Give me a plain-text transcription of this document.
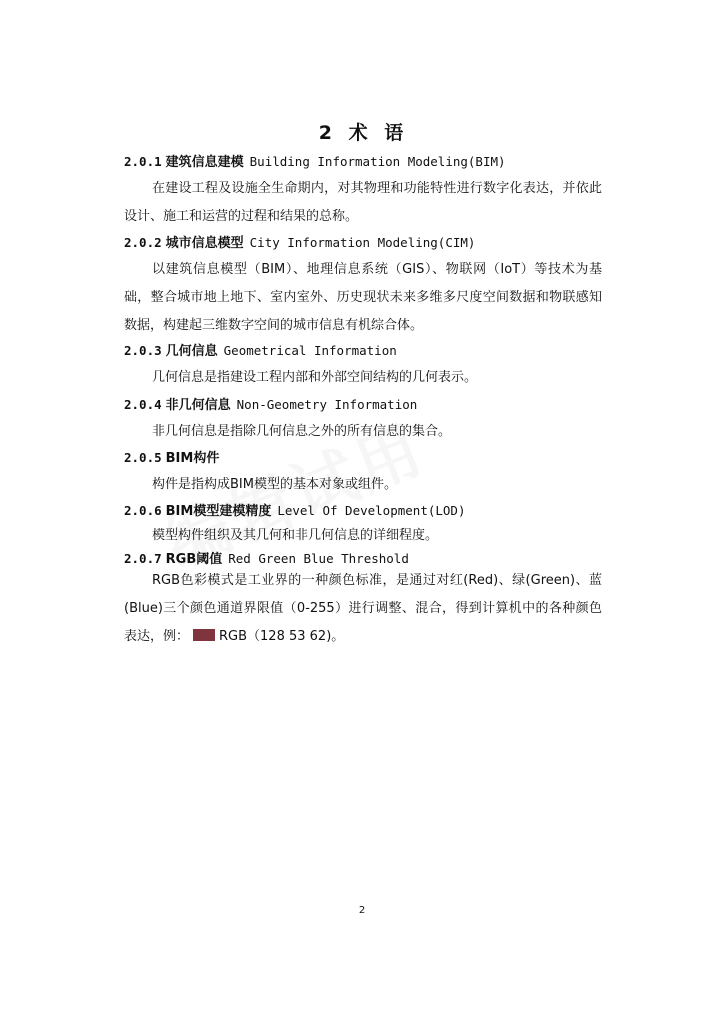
2 术 语
2.0.1 建筑信息建模 Building Information Modeling(BIM)
在建设工程及设施全生命期内，对其物理和功能特性进行数字化表达，并依此设计、施工和运营的过程和结果的总称。
2.0.2 城市信息模型 City Information Modeling(CIM)
以建筑信息模型（BIM）、地理信息系统（GIS）、物联网（IoT）等技术为基础，整合城市地上地下、室内室外、历史现状未来多维多尺度空间数据和物联感知数据，构建起三维数字空间的城市信息有机综合体。
2.0.3 几何信息 Geometrical Information
几何信息是指建设工程内部和外部空间结构的几何表示。
2.0.4 非几何信息 Non-Geometry Information
非几何信息是指除几何信息之外的所有信息的集合。
2.0.5 BIM构件
构件是指构成BIM模型的基本对象或组件。
2.0.6 BIM模型建模精度 Level Of Development(LOD)
模型构件组织及其几何和非几何信息的详细程度。
2.0.7 RGB阈值 Red Green Blue Threshold
RGB色彩模式是工业界的一种颜色标准，是通过对红(Red)、绿(Green)、蓝(Blue)三个颜色通道界限值（0-255）进行调整、混合，得到计算机中的各种颜色表达，例： RGB（128 53 62)。
2
